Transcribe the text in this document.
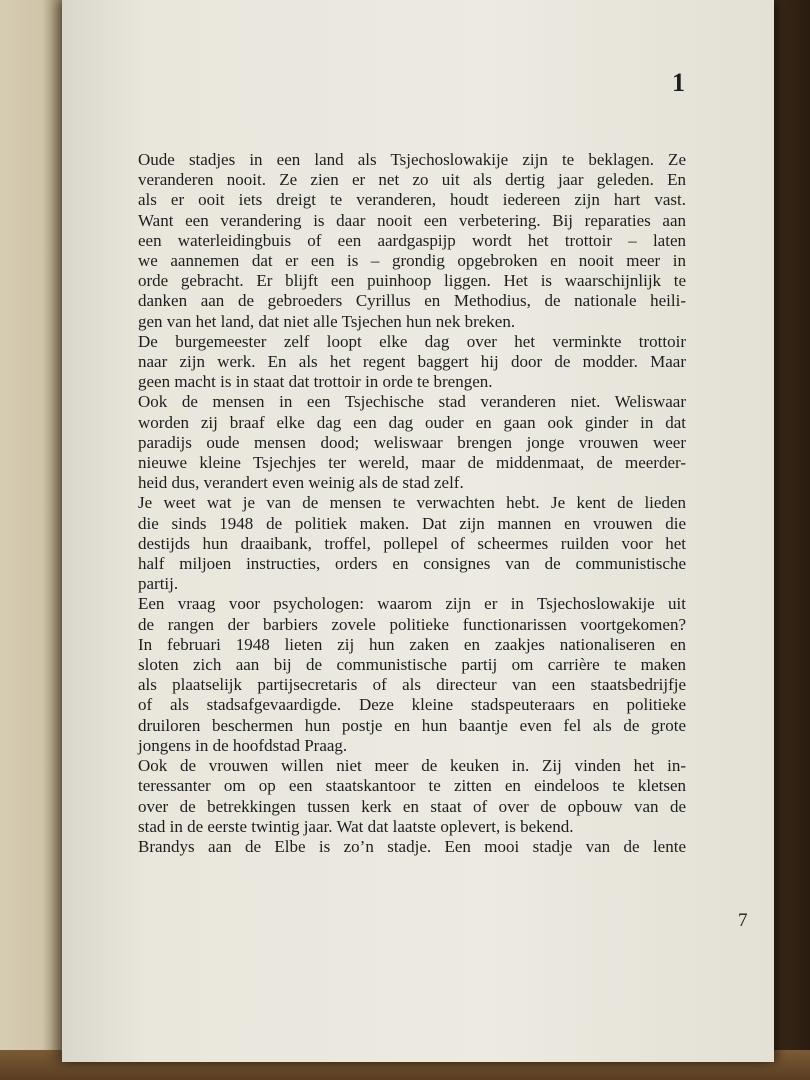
1
7
Oude stadjes in een land als Tsjechoslowakije zijn te beklagen. Ze
veranderen nooit. Ze zien er net zo uit als dertig jaar geleden. En
als er ooit iets dreigt te veranderen, houdt iedereen zijn hart vast.
Want een verandering is daar nooit een verbetering. Bij reparaties aan
een waterleidingbuis of een aardgaspijp wordt het trottoir – laten
we aannemen dat er een is – grondig opgebroken en nooit meer in
orde gebracht. Er blijft een puinhoop liggen. Het is waarschijnlijk te
danken aan de gebroeders Cyrillus en Methodius, de nationale heili-
gen van het land, dat niet alle Tsjechen hun nek breken.
De burgemeester zelf loopt elke dag over het verminkte trottoir
naar zijn werk. En als het regent baggert hij door de modder. Maar
geen macht is in staat dat trottoir in orde te brengen.
Ook de mensen in een Tsjechische stad veranderen niet. Weliswaar
worden zij braaf elke dag een dag ouder en gaan ook ginder in dat
paradijs oude mensen dood; weliswaar brengen jonge vrouwen weer
nieuwe kleine Tsjechjes ter wereld, maar de middenmaat, de meerder-
heid dus, verandert even weinig als de stad zelf.
Je weet wat je van de mensen te verwachten hebt. Je kent de lieden
die sinds 1948 de politiek maken. Dat zijn mannen en vrouwen die
destijds hun draaibank, troffel, pollepel of scheermes ruilden voor het
half miljoen instructies, orders en consignes van de communistische
partij.
Een vraag voor psychologen: waarom zijn er in Tsjechoslowakije uit
de rangen der barbiers zovele politieke functionarissen voortgekomen?
In februari 1948 lieten zij hun zaken en zaakjes nationaliseren en
sloten zich aan bij de communistische partij om carrière te maken
als plaatselijk partijsecretaris of als directeur van een staatsbedrijfje
of als stadsafgevaardigde. Deze kleine stadspeuteraars en politieke
druiloren beschermen hun postje en hun baantje even fel als de grote
jongens in de hoofdstad Praag.
Ook de vrouwen willen niet meer de keuken in. Zij vinden het in-
teressanter om op een staatskantoor te zitten en eindeloos te kletsen
over de betrekkingen tussen kerk en staat of over de opbouw van de
stad in de eerste twintig jaar. Wat dat laatste oplevert, is bekend.
Brandys aan de Elbe is zo’n stadje. Een mooi stadje van de lente
